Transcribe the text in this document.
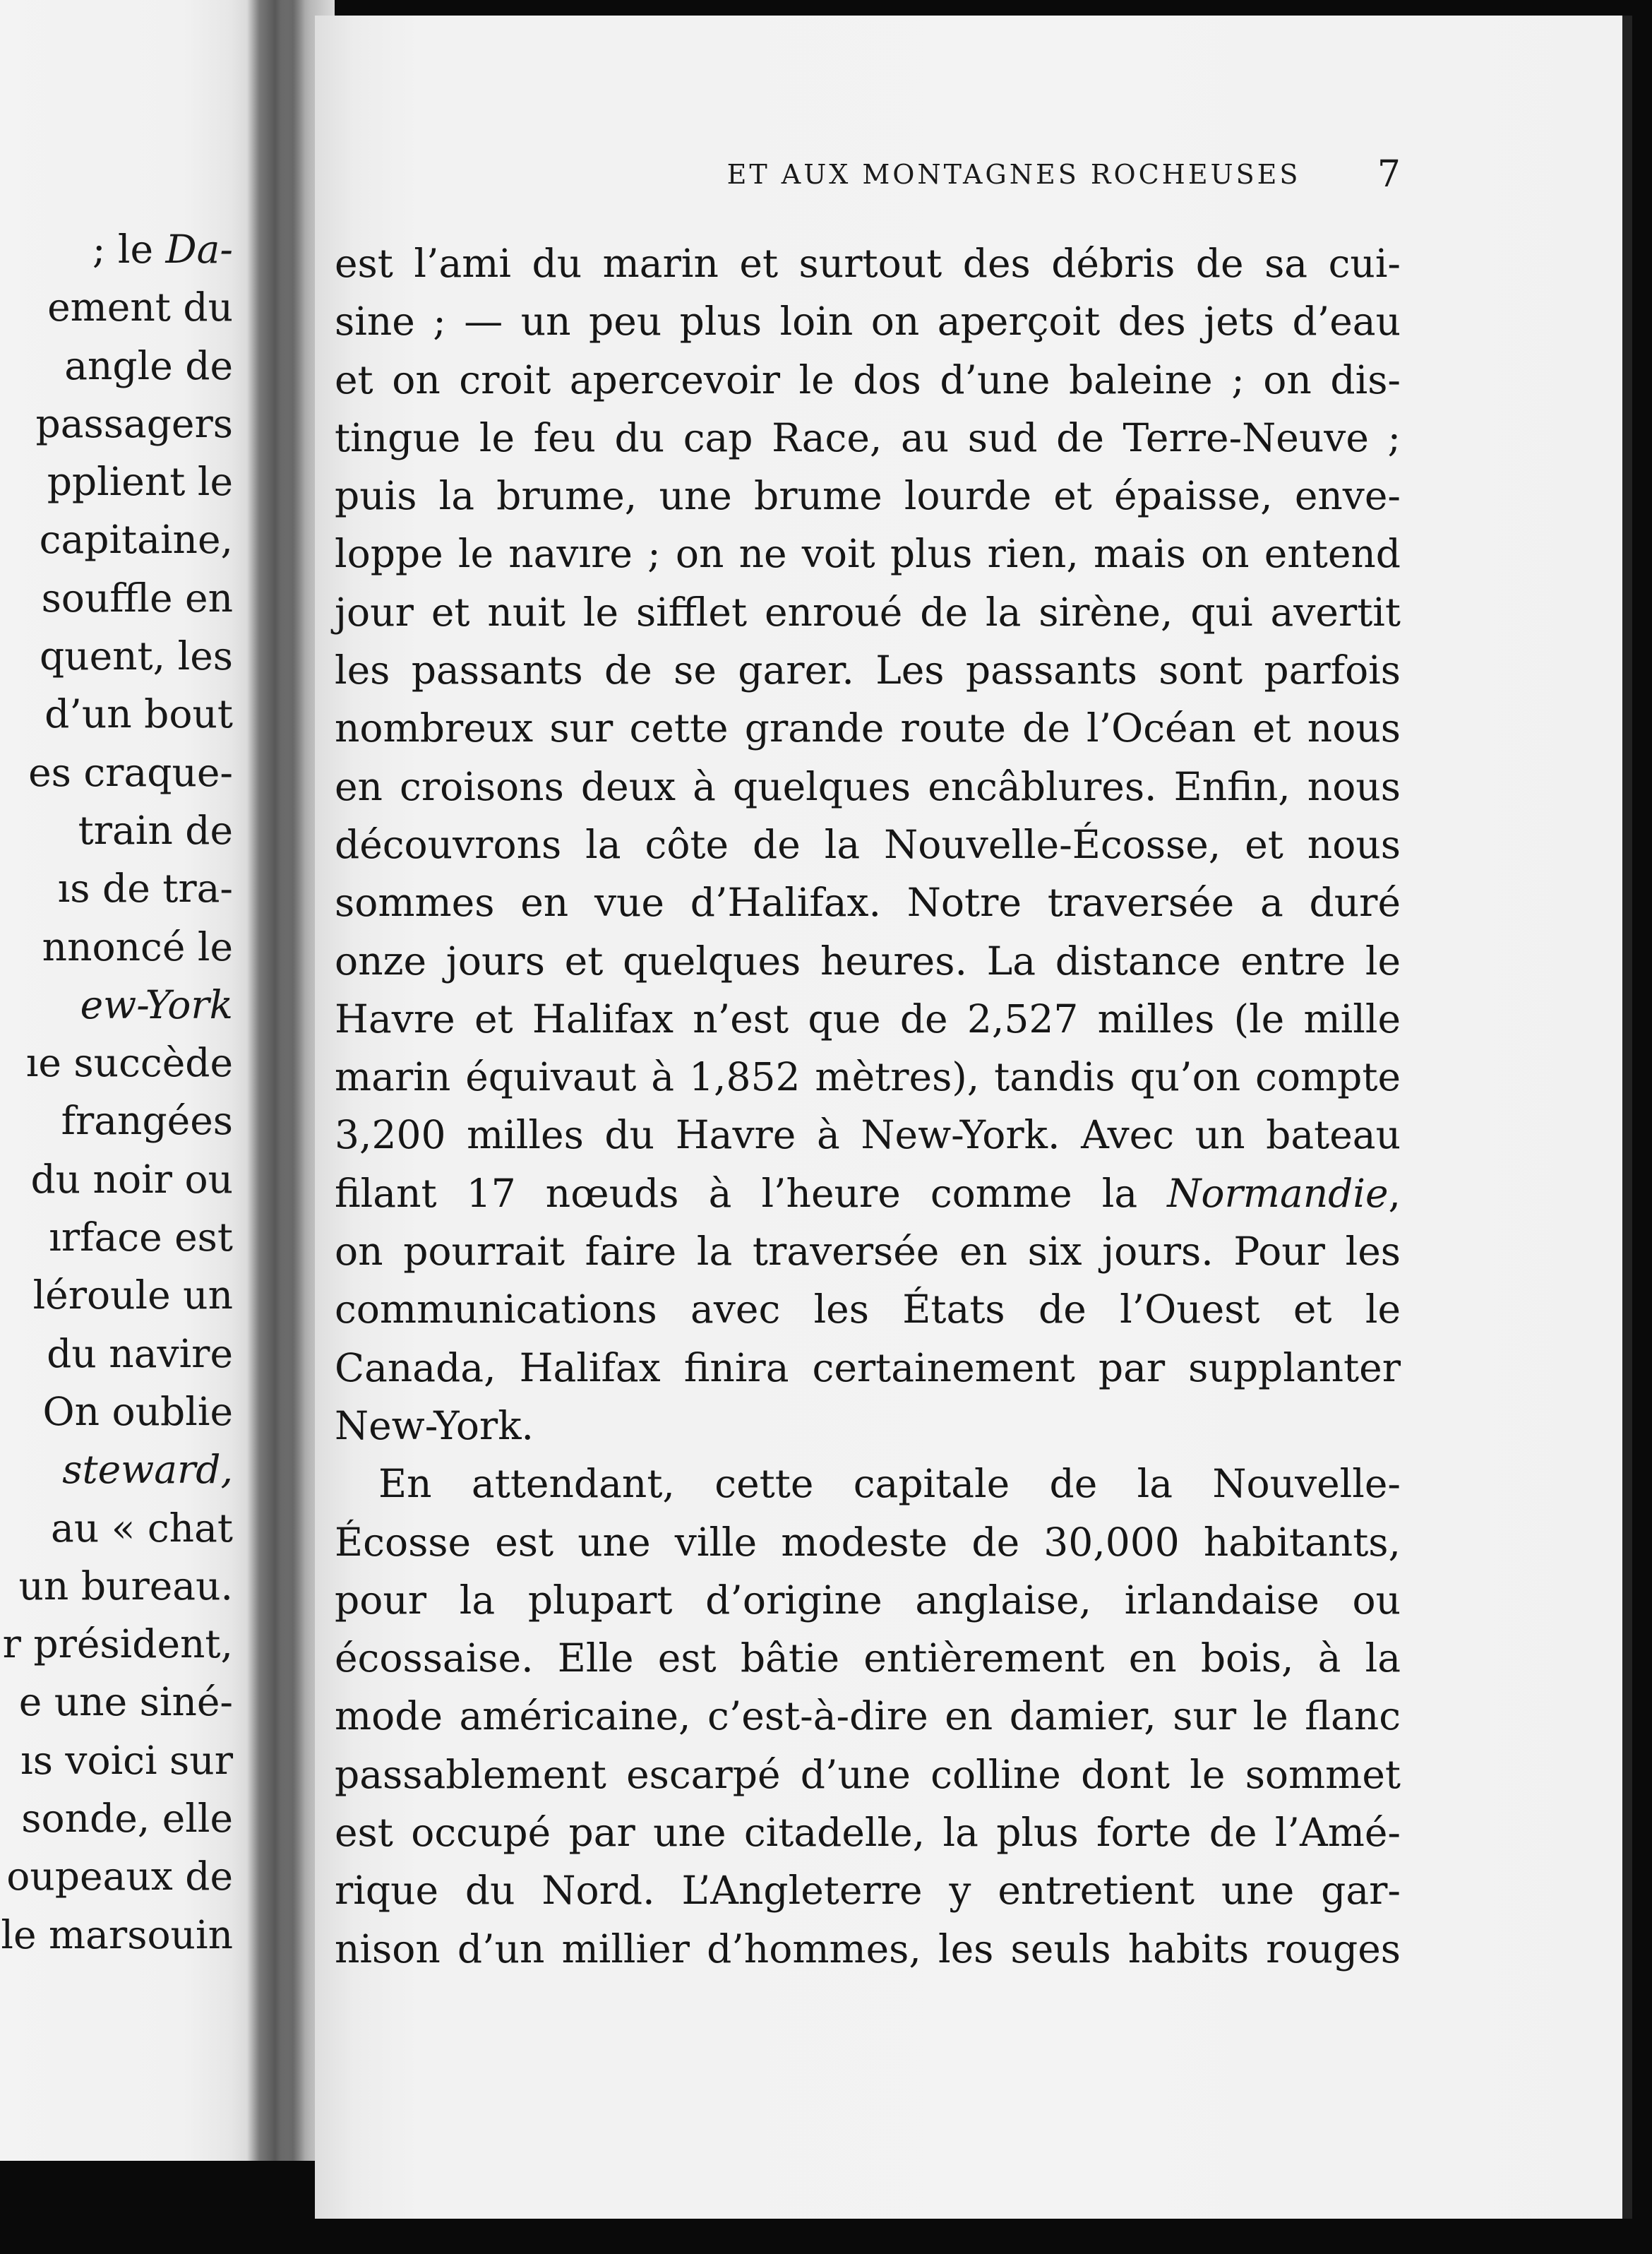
; le Da-
ement du
angle de
passagers
pplient le
capitaine,
souffle en
quent, les
d’un bout
es craque-
train de
ıs de tra-
nnoncé le
ew-York
ıe succède
frangées
du noir ou
ırface est
léroule un
du navire
On oublie
steward,
au « chat
un bureau.
r président,
e une siné-
ıs voici sur
sonde, elle
oupeaux de
le marsouin
ET AUX MONTAGNES ROCHEUSES	7
est l’ami du marin et surtout des débris de sa cui-
sine ; — un peu plus loin on aperçoit des jets d’eau
et on croit apercevoir le dos d’une baleine ; on dis-
tingue le feu du cap Race, au sud de Terre-Neuve ;
puis la brume, une brume lourde et épaisse, enve-
loppe le navıre ; on ne voit plus rien, mais on entend
jour et nuit le sifflet enroué de la sirène, qui avertit
les passants de se garer. Les passants sont parfois
nombreux sur cette grande route de l’Océan et nous
en croisons deux à quelques encâblures. Enfin, nous
découvrons la côte de la Nouvelle-Écosse, et nous
sommes en vue d’Halifax. Notre traversée a duré
onze jours et quelques heures. La distance entre le
Havre et Halifax n’est que de 2,527 milles (le mille
marin équivaut à 1,852 mètres), tandis qu’on compte
3,200 milles du Havre à New-York. Avec un bateau
filant 17 nœuds à l’heure comme la Normandie,
on pourrait faire la traversée en six jours. Pour les
communications avec les États de l’Ouest et le
Canada, Halifax finira certainement par supplanter
New-York.
En attendant, cette capitale de la Nouvelle-
Écosse est une ville modeste de 30,000 habitants,
pour la plupart d’origine anglaise, irlandaise ou
écossaise. Elle est bâtie entièrement en bois, à la
mode américaine, c’est-à-dire en damier, sur le flanc
passablement escarpé d’une colline dont le sommet
est occupé par une citadelle, la plus forte de l’Amé-
rique du Nord. L’Angleterre y entretient une gar-
nison d’un millier d’hommes, les seuls habits rouges
